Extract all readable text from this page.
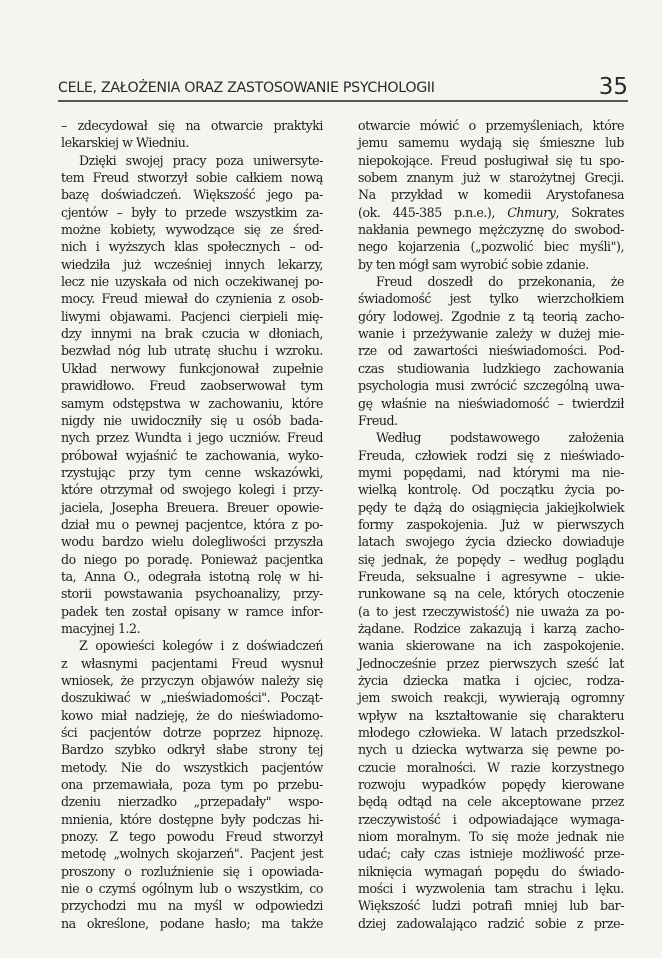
CELE, ZAŁOŻENIA ORAZ ZASTOSOWANIE PSYCHOLOGII	35

– zdecydował się na otwarcie praktyki

lekarskiej w Wiedniu.

Dzięki swojej pracy poza uniwersyte-

tem Freud stworzył sobie całkiem nową

bazę doświadczeń. Większość jego pa-

cjentów – były to przede wszystkim za-

możne kobiety, wywodzące się ze śred-

nich i wyższych klas społecznych – od-

wiedziła już wcześniej innych lekarzy,

lecz nie uzyskała od nich oczekiwanej po-

mocy. Freud miewał do czynienia z osob-

liwymi objawami. Pacjenci cierpieli mię-

dzy innymi na brak czucia w dłoniach,

bezwład nóg lub utratę słuchu i wzroku.

Układ nerwowy funkcjonował zupełnie

prawidłowo. Freud zaobserwował tym

samym odstępstwa w zachowaniu, które

nigdy nie uwidoczniły się u osób bada-

nych przez Wundta i jego uczniów. Freud

próbował wyjaśnić te zachowania, wyko-

rzystując przy tym cenne wskazówki,

które otrzymał od swojego kolegi i przy-

jaciela, Josepha Breuera. Breuer opowie-

dział mu o pewnej pacjentce, która z po-

wodu bardzo wielu dolegliwości przyszła

do niego po poradę. Ponieważ pacjentka

ta, Anna O., odegrała istotną rolę w hi-

storii powstawania psychoanalizy, przy-

padek ten został opisany w ramce infor-

macyjnej 1.2.

Z opowieści kolegów i z doświadczeń

z własnymi pacjentami Freud wysnuł

wniosek, że przyczyn objawów należy się

doszukiwać w „nieświadomości". Począt-

kowo miał nadzieję, że do nieświadomo-

ści pacjentów dotrze poprzez hipnozę.

Bardzo szybko odkrył słabe strony tej

metody. Nie do wszystkich pacjentów

ona przemawiała, poza tym po przebu-

dzeniu nierzadko „przepadały" wspo-

mnienia, które dostępne były podczas hi-

pnozy. Z tego powodu Freud stworzył

metodę „wolnych skojarzeń". Pacjent jest

proszony o rozluźnienie się i opowiada-

nie o czymś ogólnym lub o wszystkim, co

przychodzi mu na myśl w odpowiedzi

na określone, podane hasło; ma także

otwarcie mówić o przemyśleniach, które

jemu samemu wydają się śmieszne lub

niepokojące. Freud posługiwał się tu spo-

sobem znanym już w starożytnej Grecji.

Na przykład w komedii Arystofanesa

(ok. 445-385 p.n.e.), Chmury, Sokrates

nakłania pewnego mężczyznę do swobod-

nego kojarzenia („pozwolić biec myśli"),

by ten mógł sam wyrobić sobie zdanie.

Freud doszedł do przekonania, że

świadomość jest tylko wierzchołkiem

góry lodowej. Zgodnie z tą teorią zacho-

wanie i przeżywanie zależy w dużej mie-

rze od zawartości nieświadomości. Pod-

czas studiowania ludzkiego zachowania

psychologia musi zwrócić szczególną uwa-

gę właśnie na nieświadomość – twierdził

Freud.

Według podstawowego założenia

Freuda, człowiek rodzi się z nieświado-

mymi popędami, nad którymi ma nie-

wielką kontrolę. Od początku życia po-

pędy te dążą do osiągnięcia jakiejkolwiek

formy zaspokojenia. Już w pierwszych

latach swojego życia dziecko dowiaduje

się jednak, że popędy – według poglądu

Freuda, seksualne i agresywne – ukie-

runkowane są na cele, których otoczenie

(a to jest rzeczywistość) nie uważa za po-

żądane. Rodzice zakazują i karzą zacho-

wania skierowane na ich zaspokojenie.

Jednocześnie przez pierwszych sześć lat

życia dziecka matka i ojciec, rodza-

jem swoich reakcji, wywierają ogromny

wpływ na kształtowanie się charakteru

młodego człowieka. W latach przedszkol-

nych u dziecka wytwarza się pewne po-

czucie moralności. W razie korzystnego

rozwoju wypadków popędy kierowane

będą odtąd na cele akceptowane przez

rzeczywistość i odpowiadające wymaga-

niom moralnym. To się może jednak nie

udać; cały czas istnieje możliwość prze-

niknięcia wymagań popędu do świado-

mości i wyzwolenia tam strachu i lęku.

Większość ludzi potrafi mniej lub bar-

dziej zadowalająco radzić sobie z prze-
